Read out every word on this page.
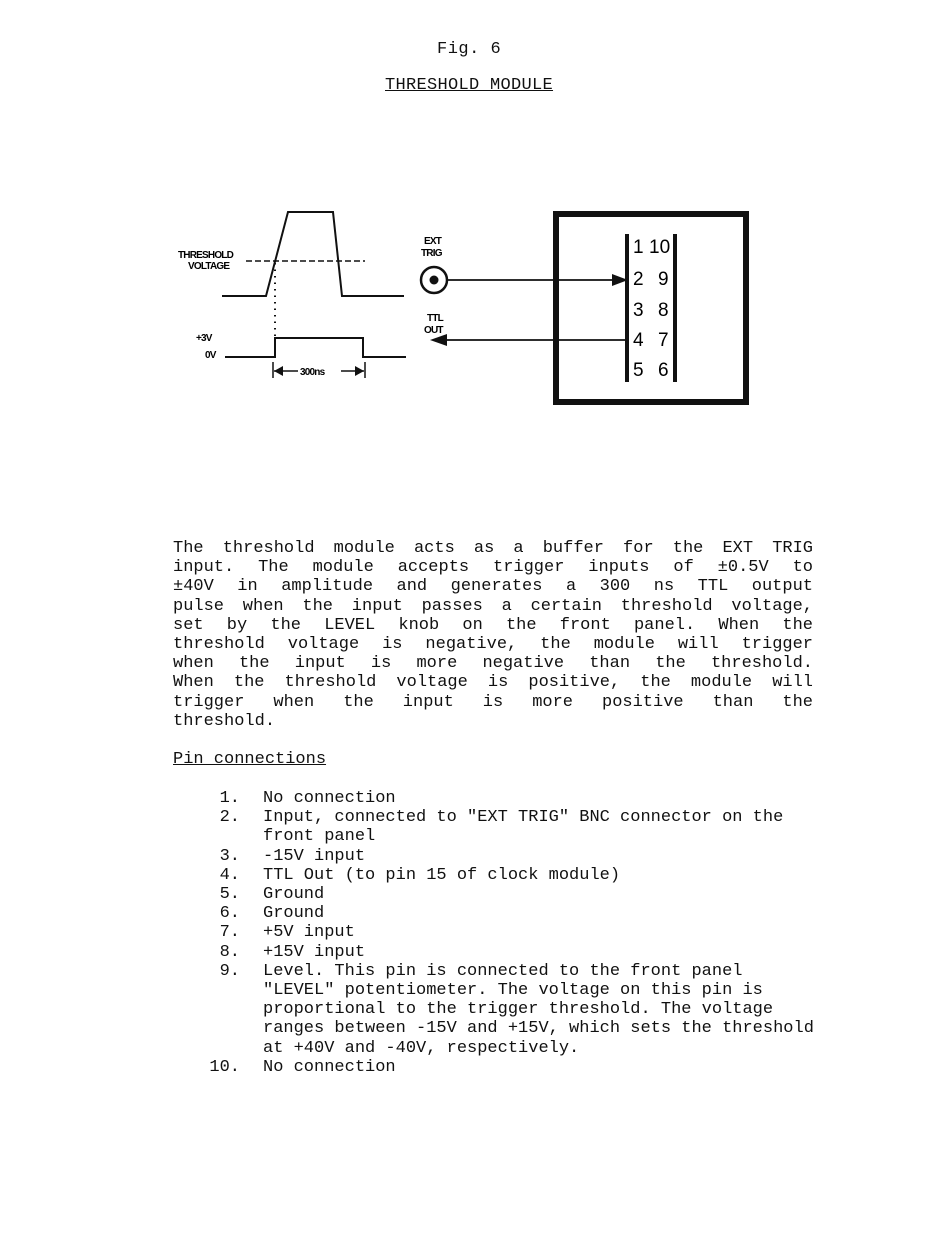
Fig. 6
THRESHOLD MODULE
THRESHOLD
VOLTAGE
+3V
0V
300ns
EXT
TRIG
TTL
OUT
1
2
3
4
5
10
9
8
7
6
The threshold module acts as a buffer for the EXT TRIG
input. The module accepts trigger inputs of ±0.5V to
±40V in amplitude and generates a 300 ns TTL output
pulse when the input passes a certain threshold voltage,
set by the LEVEL knob on the front panel. When the
threshold voltage is negative, the module will trigger
when the input is more negative than the threshold.
When the threshold voltage is positive, the module will
trigger when the input is more positive than the
threshold.
Pin connections
1. No connection
2. Input, connected to "EXT TRIG" BNC connector on the front panel
3. -15V input
4. TTL Out (to pin 15 of clock module)
5. Ground
6. Ground
7. +5V input
8. +15V input
9. Level. This pin is connected to the front panel "LEVEL" potentiometer. The voltage on this pin is proportional to the trigger threshold. The voltage ranges between -15V and +15V, which sets the threshold at +40V and -40V, respectively.
10. No connection
